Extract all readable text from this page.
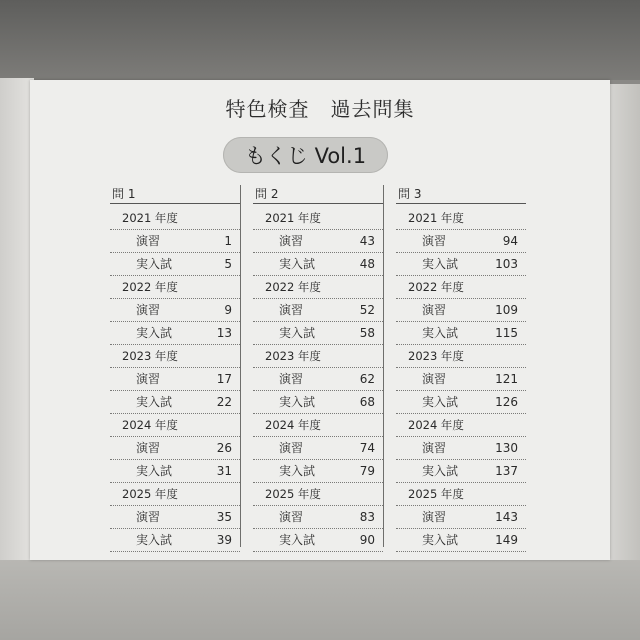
特色検査　過去問集
もくじ Vol.1
問 1
2021 年度
演習	1
実入試	5
2022 年度
演習	9
実入試	13
2023 年度
演習	17
実入試	22
2024 年度
演習	26
実入試	31
2025 年度
演習	35
実入試	39
問 2
2021 年度
演習	43
実入試	48
2022 年度
演習	52
実入試	58
2023 年度
演習	62
実入試	68
2024 年度
演習	74
実入試	79
2025 年度
演習	83
実入試	90
問 3
2021 年度
演習	94
実入試	103
2022 年度
演習	109
実入試	115
2023 年度
演習	121
実入試	126
2024 年度
演習	130
実入試	137
2025 年度
演習	143
実入試	149
